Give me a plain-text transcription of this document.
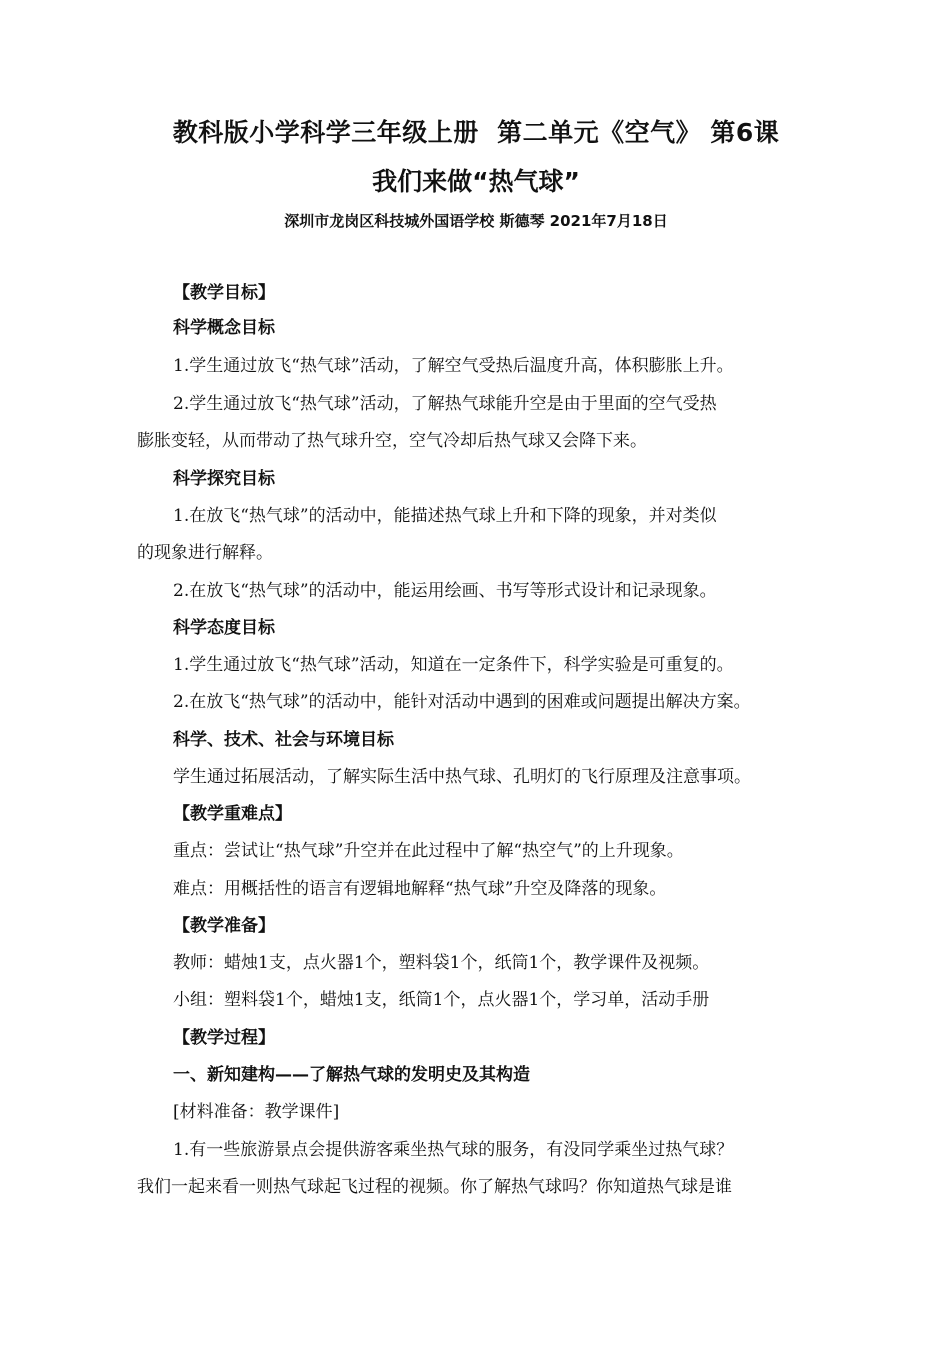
教科版小学科学三年级上册  第二单元《空气》 第6课
我们来做“热气球”
深圳市龙岗区科技城外国语学校 斯德琴 2021年7月18日
【教学目标】
科学概念目标
1.学生通过放飞“热气球”活动，了解空气受热后温度升高，体积膨胀上升。
2.学生通过放飞“热气球”活动，了解热气球能升空是由于里面的空气受热
膨胀变轻，从而带动了热气球升空，空气冷却后热气球又会降下来。
科学探究目标
1.在放飞“热气球”的活动中，能描述热气球上升和下降的现象，并对类似
的现象进行解释。
2.在放飞“热气球”的活动中，能运用绘画、书写等形式设计和记录现象。
科学态度目标
1.学生通过放飞“热气球”活动，知道在一定条件下，科学实验是可重复的。
2.在放飞“热气球”的活动中，能针对活动中遇到的困难或问题提出解决方案。
科学、技术、社会与环境目标
学生通过拓展活动，了解实际生活中热气球、孔明灯的飞行原理及注意事项。
【教学重难点】
重点：尝试让“热气球”升空并在此过程中了解“热空气”的上升现象。
难点：用概括性的语言有逻辑地解释“热气球”升空及降落的现象。
【教学准备】
教师：蜡烛1支，点火器1个，塑料袋1个，纸筒1个，教学课件及视频。
小组：塑料袋1个，蜡烛1支，纸筒1个，点火器1个，学习单，活动手册
【教学过程】
一、新知建构——了解热气球的发明史及其构造
[材料准备：教学课件]
1.有一些旅游景点会提供游客乘坐热气球的服务，有没同学乘坐过热气球？
我们一起来看一则热气球起飞过程的视频。你了解热气球吗？你知道热气球是谁
